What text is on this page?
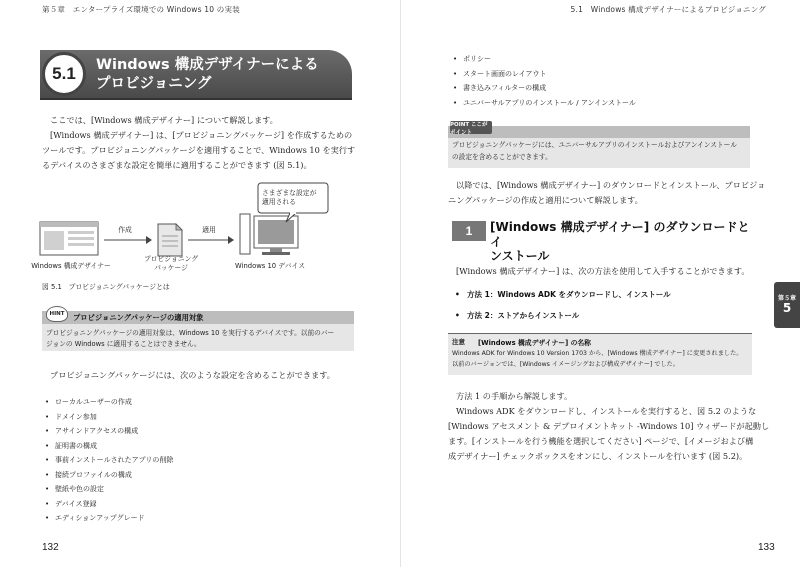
第５章　エンタープライズ環境での Windows 10 の実装
5.1	Windows 構成デザイナーによる
プロビジョニング
ここでは、[Windows 構成デザイナー] について解説します。
[Windows 構成デザイナー] は、[プロビジョニングパッケージ] を作成するための
ツールです。プロビジョニングパッケージを適用することで、Windows 10 を実行す
るデバイスのさまざまな設定を簡単に適用することができます (図 5.1)。
さまざまな設定が
適用される
作成	適用
Windows 構成デザイナー
プロビジョニング
パッケージ	Windows 10 デバイス
図 5.1　プロビジョニングパッケージとは
HINT	プロビジョニングパッケージの適用対象
プロビジョニングパッケージの適用対象は、Windows 10 を実行するデバイスです。以前のバー
ジョンの Windows に適用することはできません。
プロビジョニングパッケージには、次のような設定を含めることができます。
• ローカルユーザーの作成
• ドメイン参加
• アサインドアクセスの構成
• 証明書の構成
• 事前インストールされたアプリの削除
• 接続プロファイルの構成
• 壁紙や色の設定
• デバイス登録
• エディションアップグレード
132
5.1　Windows 構成デザイナーによるプロビジョニング
• ポリシー
• スタート画面のレイアウト
• 書き込みフィルターの構成
• ユニバーサルアプリのインストール / アンインストール
POINT ここがポイント
プロビジョニングパッケージには、ユニバーサルアプリのインストールおよびアンインストール
の設定を含めることができます。
以降では、[Windows 構成デザイナー] のダウンロードとインストール、プロビジョ
ニングパッケージの作成と適用について解説します。
1	[Windows 構成デザイナー] のダウンロードと イ
ンストール
[Windows 構成デザイナー] は、次の方法を使用して入手することができます。
• 方法 1：Windows ADK をダウンロードし、インストール
• 方法 2：ストアからインストール
注意 [Windows 構成デザイナー] の名称
Windows ADK for Windows 10 Version 1703 から、[Windows 構成デザイナー] に変更されました。
以前のバージョンでは、[Windows イメージングおよび構成デザイナー] でした。
方法 1 の手順から解説します。
Windows ADK をダウンロードし、インストールを実行すると、図 5.2 のような
[Windows アセスメント & デプロイメントキット -Windows 10] ウィザードが起動し
ます。[インストールを行う機能を選択してください] ページで、[イメージおよび構
成デザイナー] チェックボックスをオンにし、インストールを行います (図 5.2)。
第５章
5
133
